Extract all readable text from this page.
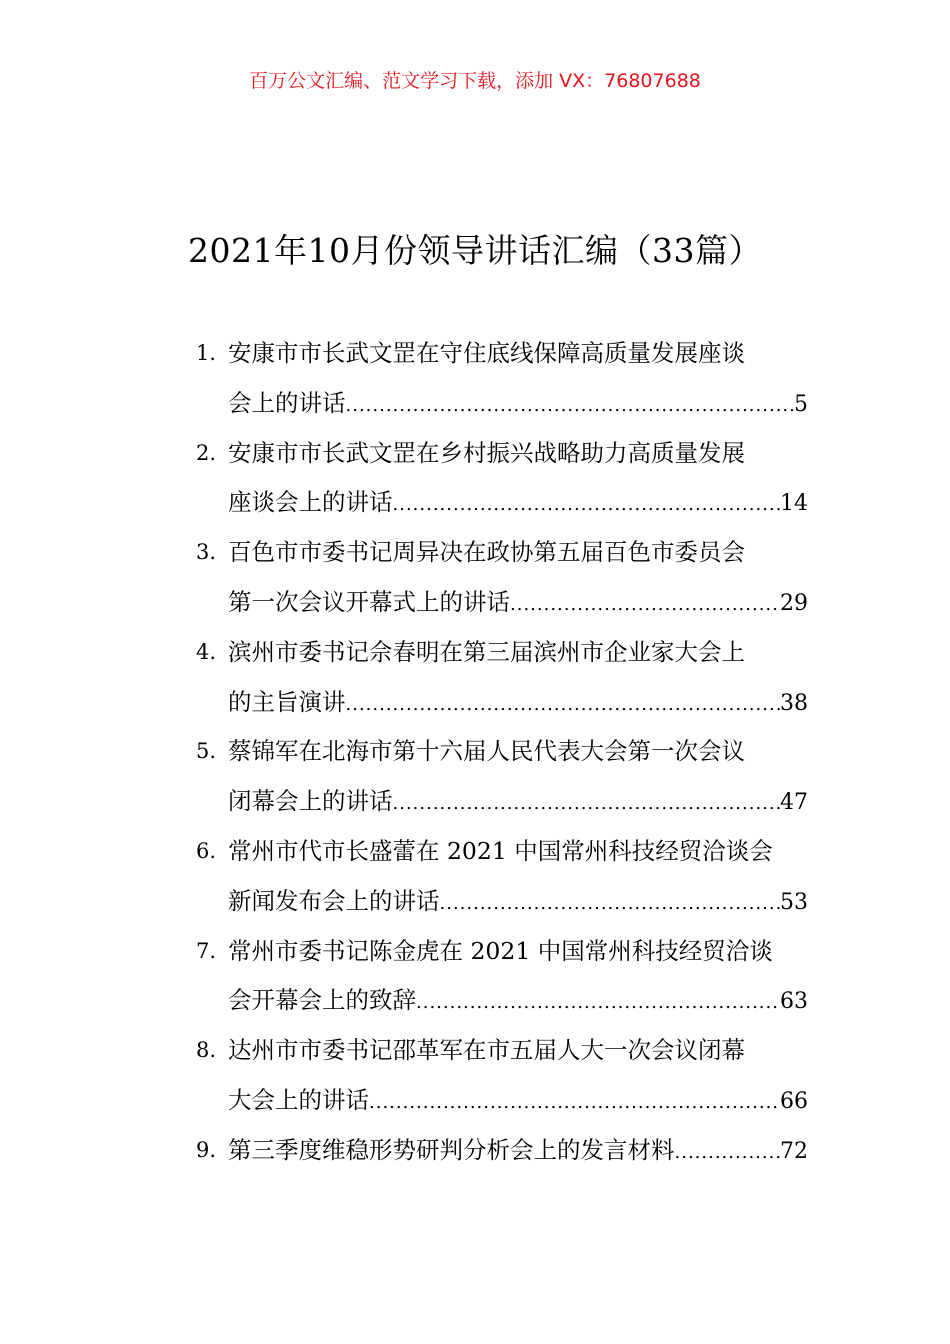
百万公文汇编、范文学习下载，添加 VX：76807688
2021年10月份领导讲话汇编（33篇）
1. 安康市市长武文罡在守住底线保障高质量发展座谈
会上的讲话 .....	5
2. 安康市市长武文罡在乡村振兴战略助力高质量发展
座谈会上的讲话 .....	14
3. 百色市市委书记周异决在政协第五届百色市委员会
第一次会议开幕式上的讲话 .....	29
4. 滨州市委书记佘春明在第三届滨州市企业家大会上
的主旨演讲 .....	38
5. 蔡锦军在北海市第十六届人民代表大会第一次会议
闭幕会上的讲话 .....	47
6. 常州市代市长盛蕾在 2021 中国常州科技经贸洽谈会
新闻发布会上的讲话 .....	53
7. 常州市委书记陈金虎在 2021 中国常州科技经贸洽谈
会开幕会上的致辞 .....	63
8. 达州市市委书记邵革军在市五届人大一次会议闭幕
大会上的讲话 .....	66
9. 第三季度维稳形势研判分析会上的发言材料 .....	72
